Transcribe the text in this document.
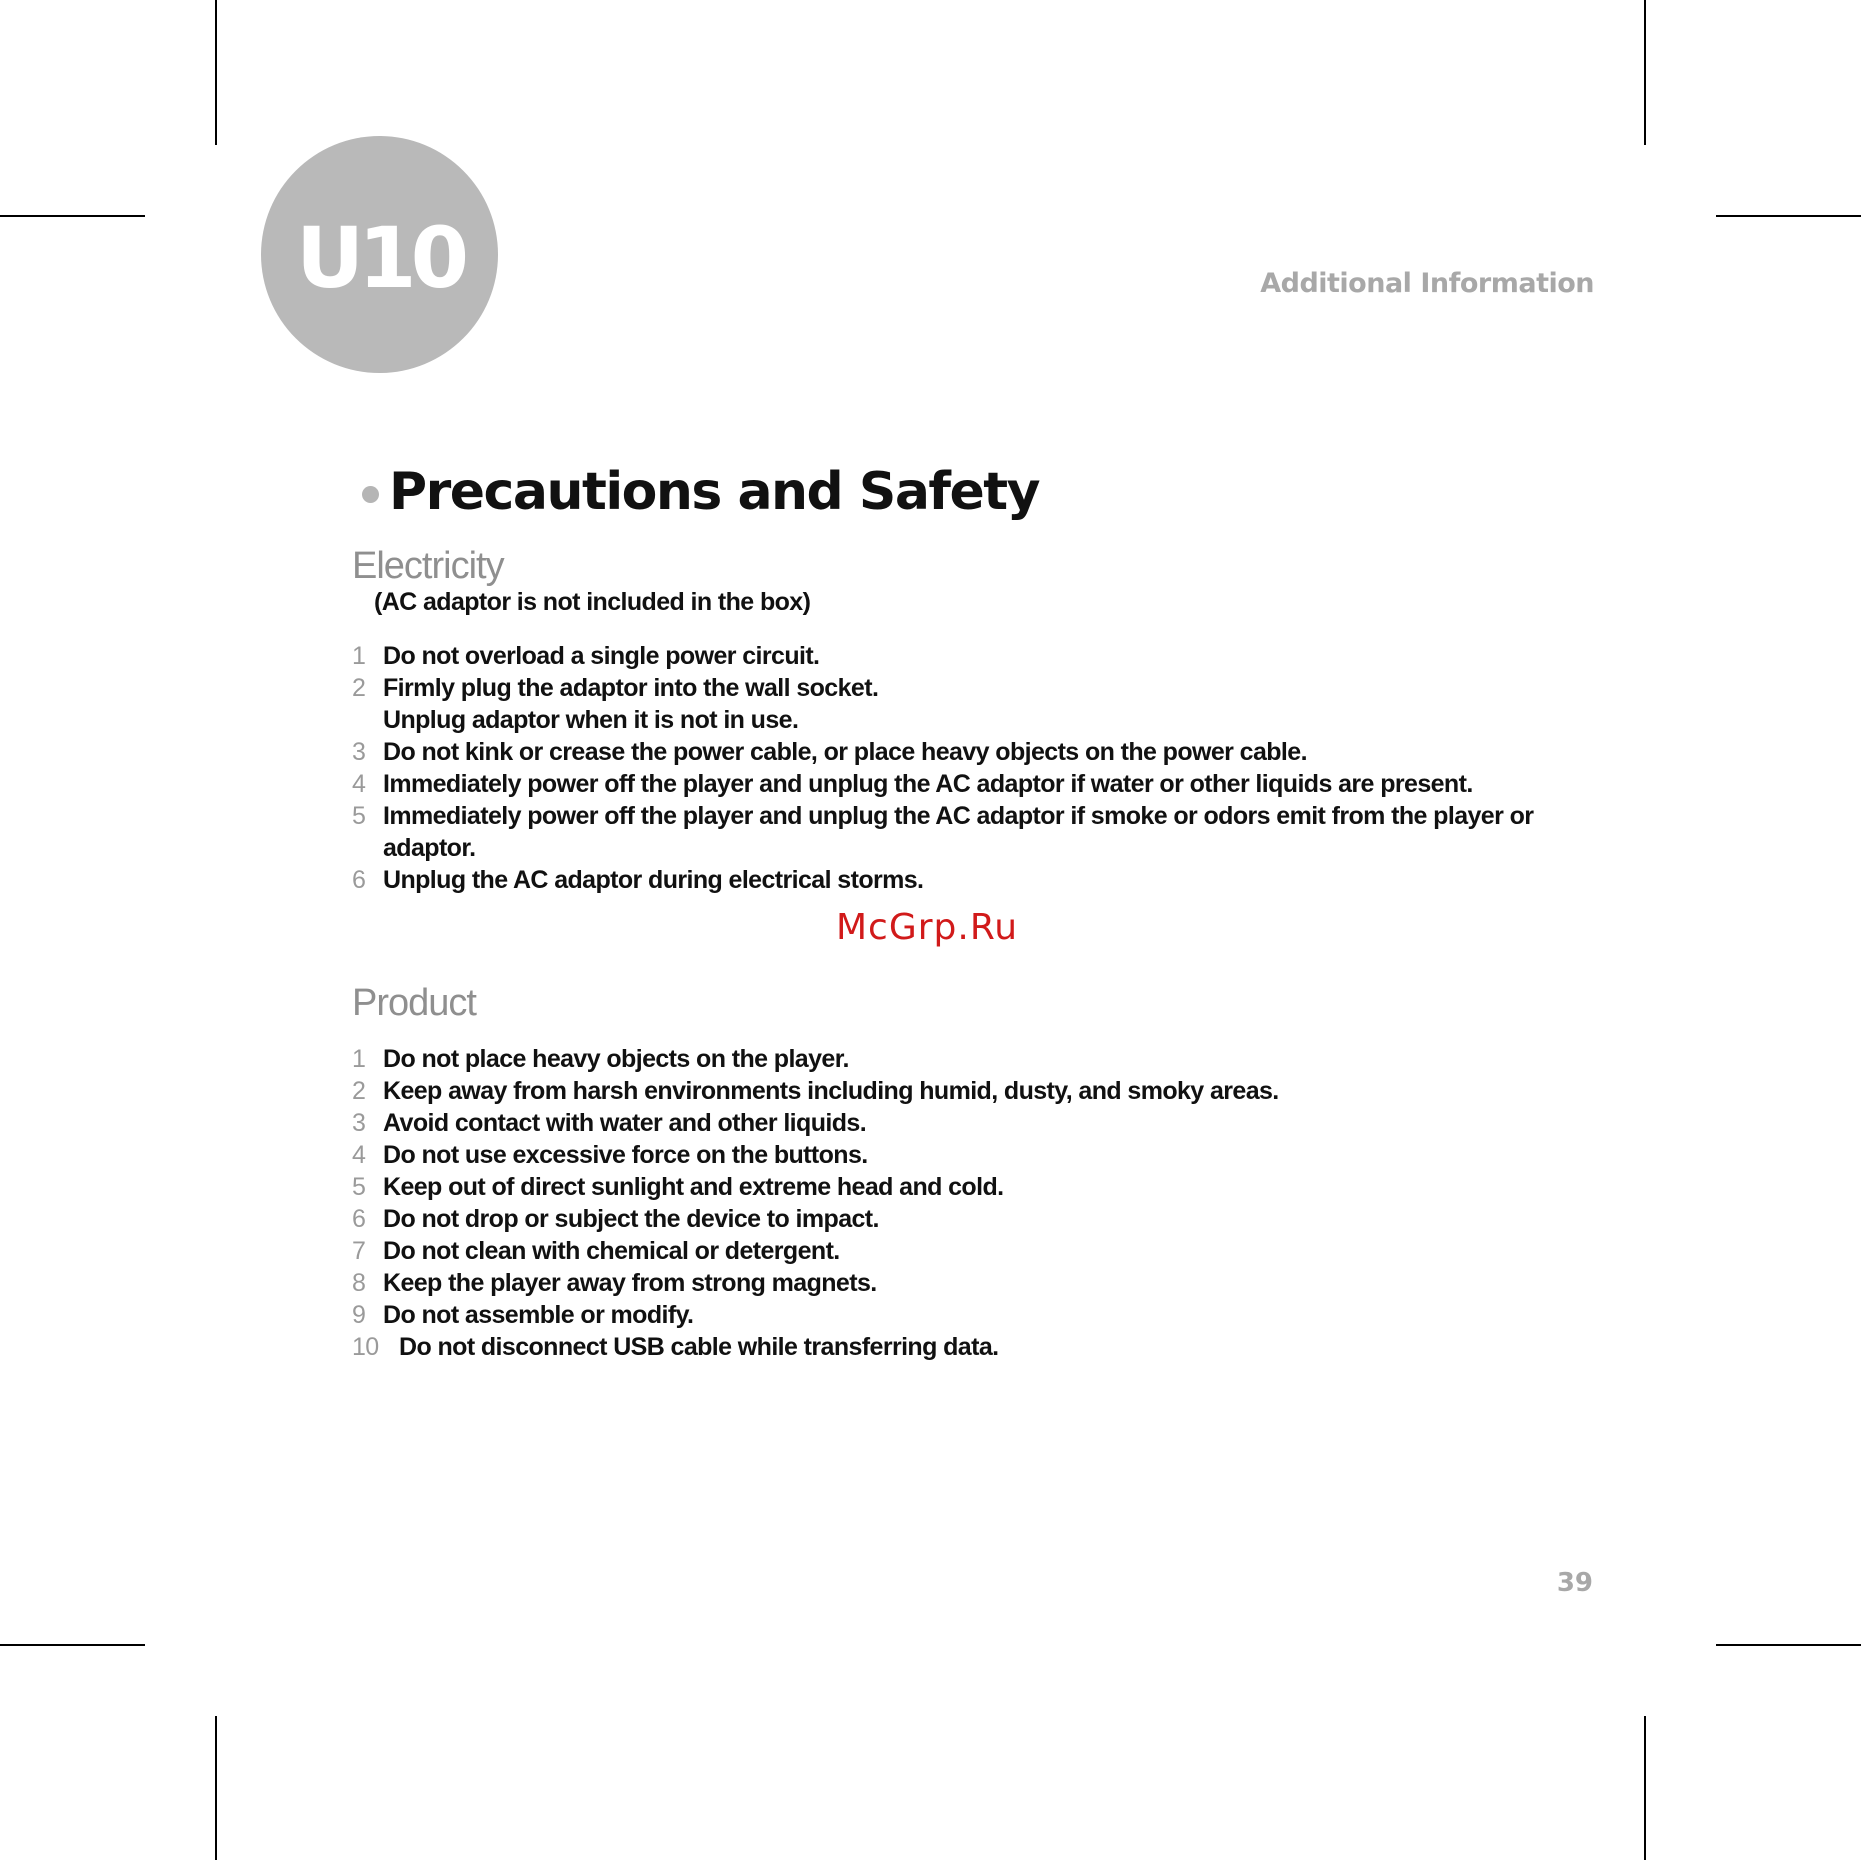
U10	Additional Information
Precautions and Safety
Electricity
(AC adaptor is not included in the box)
1 Do not overload a single power circuit.
2 Firmly plug the adaptor into the wall socket. Unplug adaptor when it is not in use.
3 Do not kink or crease the power cable, or place heavy objects on the power cable.
4 Immediately power off the player and unplug the AC adaptor if water or other liquids are present.
5 Immediately power off the player and unplug the AC adaptor if smoke or odors emit from the player or adaptor.
6 Unplug the AC adaptor during electrical storms.
McGrp.Ru
Product
1 Do not place heavy objects on the player.
2 Keep away from harsh environments including humid, dusty, and smoky areas.
3 Avoid contact with water and other liquids.
4 Do not use excessive force on the buttons.
5 Keep out of direct sunlight and extreme head and cold.
6 Do not drop or subject the device to impact.
7 Do not clean with chemical or detergent.
8 Keep the player away from strong magnets.
9 Do not assemble or modify.
10 Do not disconnect USB cable while transferring data.
39
